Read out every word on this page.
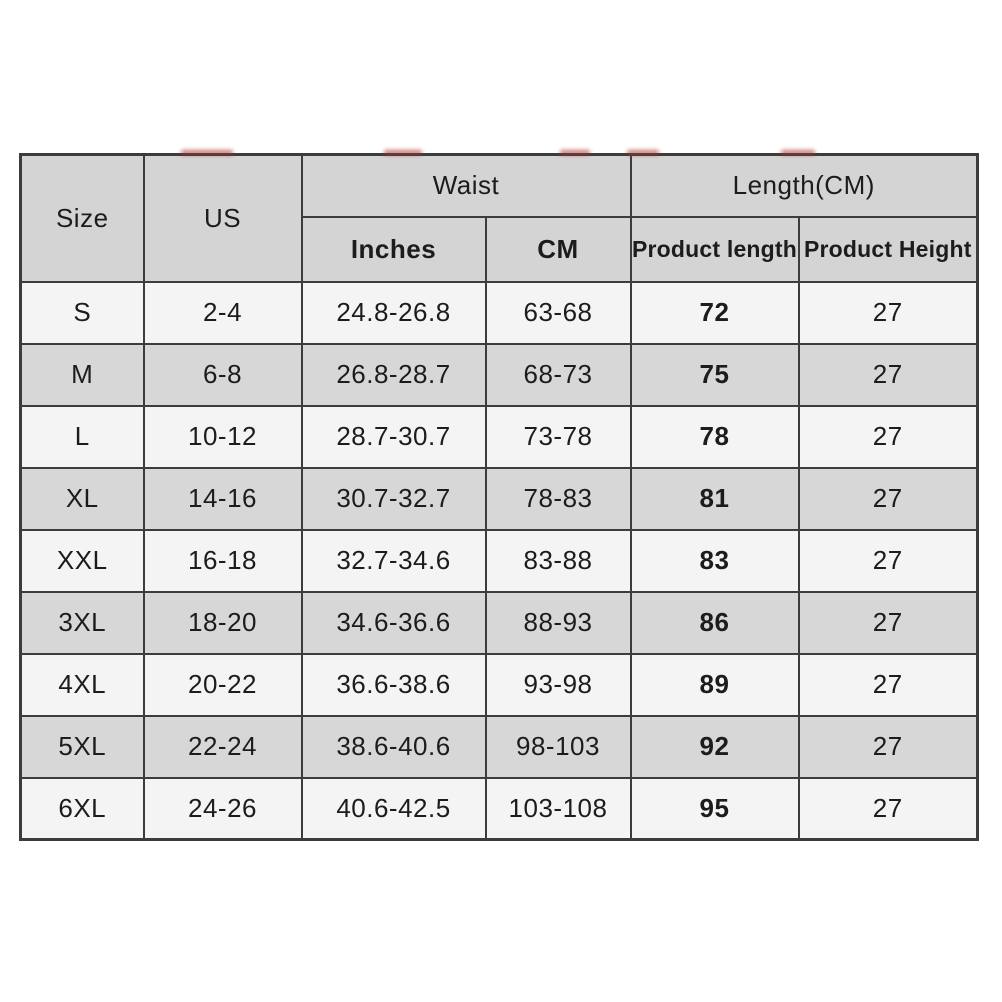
Size	US	Waist		Length(CM)	
		Inches	CM	Product length	Product Height
S	2-4	24.8-26.8	63-68	72	27
M	6-8	26.8-28.7	68-73	75	27
L	10-12	28.7-30.7	73-78	78	27
XL	14-16	30.7-32.7	78-83	81	27
XXL	16-18	32.7-34.6	83-88	83	27
3XL	18-20	34.6-36.6	88-93	86	27
4XL	20-22	36.6-38.6	93-98	89	27
5XL	22-24	38.6-40.6	98-103	92	27
6XL	24-26	40.6-42.5	103-108	95	27
